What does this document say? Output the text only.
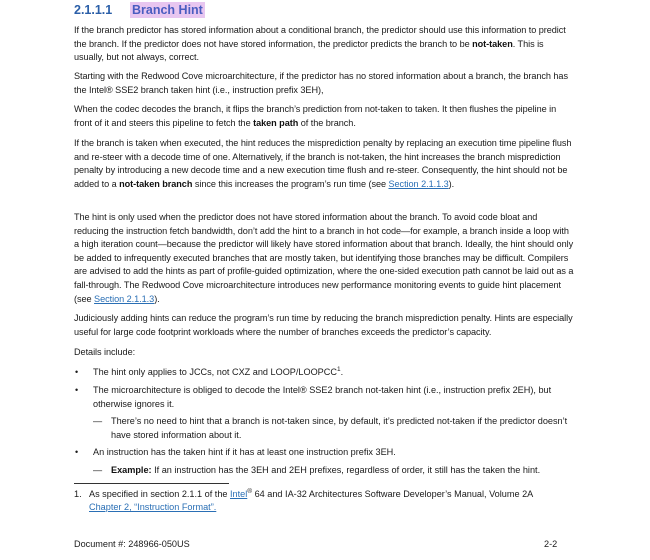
2.1.1.1 Branch Hint

If the branch predictor has stored information about a conditional branch, the predictor should use this information to predict the branch. If the predictor does not have stored information, the predictor predicts the branch to be not-taken. This is usually, but not always, correct.

Starting with the Redwood Cove microarchitecture, if the predictor has no stored information about a branch, the branch has the Intel® SSE2 branch taken hint (i.e., instruction prefix 3EH),

When the codec decodes the branch, it flips the branch’s prediction from not-taken to taken. It then flushes the pipeline in front of it and steers this pipeline to fetch the taken path of the branch.

If the branch is taken when executed, the hint reduces the misprediction penalty by replacing an execution time pipeline flush and re-steer with a decode time of one. Alternatively, if the branch is not-taken, the hint increases the branch misprediction penalty by introducing a new decode time and a new execution time flush and re-steer. Consequently, the hint should not be added to a not-taken branch since this increases the program’s run time (see Section 2.1.1.3).

The hint is only used when the predictor does not have stored information about the branch. To avoid code bloat and reducing the instruction fetch bandwidth, don’t add the hint to a branch in hot code—for example, a branch inside a loop with a high iteration count—because the predictor will likely have stored information about that branch. Ideally, the hint should only be added to infrequently executed branches that are mostly taken, but identifying those branches may be difficult. Compilers are advised to add the hints as part of profile-guided optimization, where the one-sided execution path cannot be laid out as a fall-through. The Redwood Cove microarchitecture introduces new performance monitoring events to guide hint placement (see Section 2.1.1.3).

Judiciously adding hints can reduce the program’s run time by reducing the branch misprediction penalty. Hints are especially useful for large code footprint workloads where the number of branches exceeds the predictor’s capacity.

Details include:

• The hint only applies to JCCs, not CXZ and LOOP/LOOPCC$^1$.
• The microarchitecture is obliged to decode the Intel® SSE2 branch not-taken hint (i.e., instruction prefix 2EH), but otherwise ignores it.
— There’s no need to hint that a branch is not-taken since, by default, it’s predicted not-taken if the predictor doesn’t have stored information about it.
• An instruction has the taken hint if it has at least one instruction prefix 3EH.
— Example: If an instruction has the 3EH and 2EH prefixes, regardless of order, it still has the taken the hint.
1. As specified in section 2.1.1 of the Intel® 64 and IA-32 Architectures Software Developer’s Manual, Volume 2A
Chapter 2, “Instruction Format”.
Document #: 248966-050US	2-2
